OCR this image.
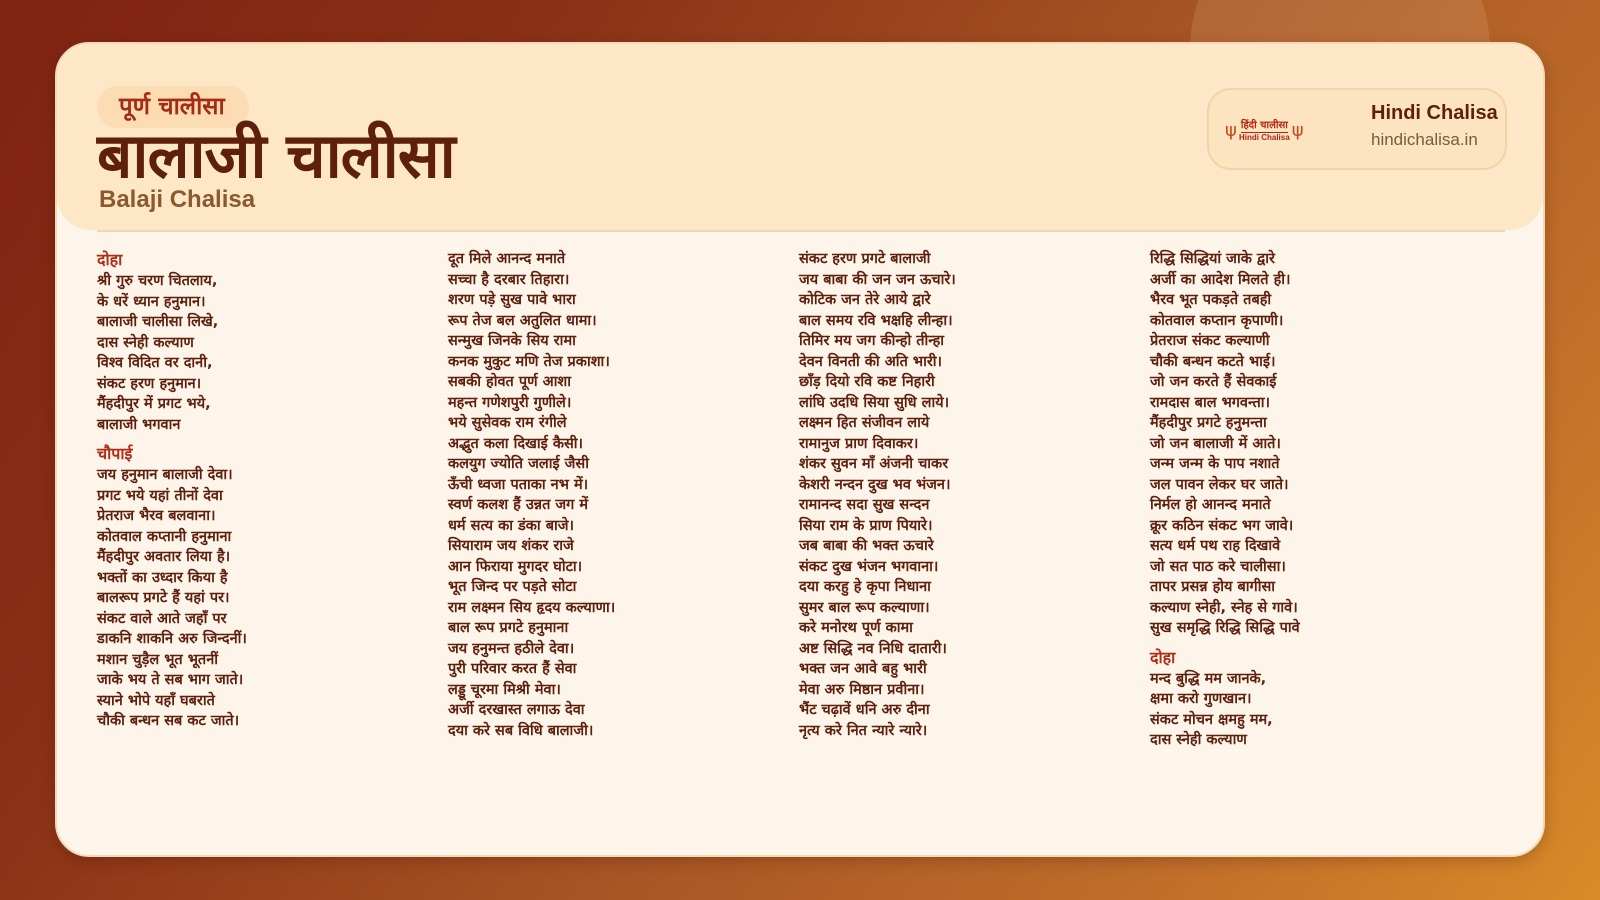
पूर्ण चालीसा
बालाजी चालीसा
Balaji Chalisa
ψ हिंदी चालीसा
Hindi Chalisa ψ
Hindi Chalisa
hindichalisa.in
दोहा
श्री गुरु चरण चितलाय,
के धरें ध्यान हनुमान।
बालाजी चालीसा लिखे,
दास स्नेही कल्याण
विश्व विदित वर दानी,
संकट हरण हनुमान।
मैंहदीपुर में प्रगट भये,
बालाजी भगवान
चौपाई
जय हनुमान बालाजी देवा।
प्रगट भये यहां तीनों देवा
प्रेतराज भैरव बलवाना।
कोतवाल कप्तानी हनुमाना
मैंहदीपुर अवतार लिया है।
भक्तों का उध्दार किया है
बालरूप प्रगटे हैं यहां पर।
संकट वाले आते जहाँ पर
डाकनि शाकनि अरु जिन्दनीं।
मशान चुड़ैल भूत भूतनीं
जाके भय ते सब भाग जाते।
स्याने भोपे यहाँ घबराते
चौकी बन्धन सब कट जाते।
दूत मिले आनन्द मनाते
सच्चा है दरबार तिहारा।
शरण पड़े सुख पावे भारा
रूप तेज बल अतुलित धामा।
सन्मुख जिनके सिय रामा
कनक मुकुट मणि तेज प्रकाशा।
सबकी होवत पूर्ण आशा
महन्त गणेशपुरी गुणीले।
भये सुसेवक राम रंगीले
अद्भुत कला दिखाई कैसी।
कलयुग ज्योति जलाई जैसी
ऊँची ध्वजा पताका नभ में।
स्वर्ण कलश हैं उन्नत जग में
धर्म सत्य का डंका बाजे।
सियाराम जय शंकर राजे
आन फिराया मुगदर घोटा।
भूत जिन्द पर पड़ते सोटा
राम लक्ष्मन सिय हृदय कल्याणा।
बाल रूप प्रगटे हनुमाना
जय हनुमन्त हठीले देवा।
पुरी परिवार करत हैं सेवा
लड्डू चूरमा मिश्री मेवा।
अर्जी दरखास्त लगाऊ देवा
दया करे सब विधि बालाजी।
संकट हरण प्रगटे बालाजी
जय बाबा की जन जन ऊचारे।
कोटिक जन तेरे आये द्वारे
बाल समय रवि भक्षहि लीन्हा।
तिमिर मय जग कीन्हो तीन्हा
देवन विनती की अति भारी।
छाँड़ दियो रवि कष्ट निहारी
लांघि उदधि सिया सुधि लाये।
लक्ष्मन हित संजीवन लाये
रामानुज प्राण दिवाकर।
शंकर सुवन माँ अंजनी चाकर
केशरी नन्दन दुख भव भंजन।
रामानन्द सदा सुख सन्दन
सिया राम के प्राण पियारे।
जब बाबा की भक्त ऊचारे
संकट दुख भंजन भगवाना।
दया करहु हे कृपा निधाना
सुमर बाल रूप कल्याणा।
करे मनोरथ पूर्ण कामा
अष्ट सिद्धि नव निधि दातारी।
भक्त जन आवे बहु भारी
मेवा अरु मिष्ठान प्रवीना।
भैंट चढ़ावें धनि अरु दीना
नृत्य करे नित न्यारे न्यारे।
रिद्धि सिद्धियां जाके द्वारे
अर्जी का आदेश मिलते ही।
भैरव भूत पकड़ते तबही
कोतवाल कप्तान कृपाणी।
प्रेतराज संकट कल्याणी
चौकी बन्धन कटते भाई।
जो जन करते हैं सेवकाई
रामदास बाल भगवन्ता।
मैंहदीपुर प्रगटे हनुमन्ता
जो जन बालाजी में आते।
जन्म जन्म के पाप नशाते
जल पावन लेकर घर जाते।
निर्मल हो आनन्द मनाते
क्रूर कठिन संकट भग जावे।
सत्य धर्म पथ राह दिखावे
जो सत पाठ करे चालीसा।
तापर प्रसन्न होय बागीसा
कल्याण स्नेही, स्नेह से गावे।
सुख समृद्धि रिद्धि सिद्धि पावे
दोहा
मन्द बुद्धि मम जानके,
क्षमा करो गुणखान।
संकट मोचन क्षमहु मम,
दास स्नेही कल्याण
